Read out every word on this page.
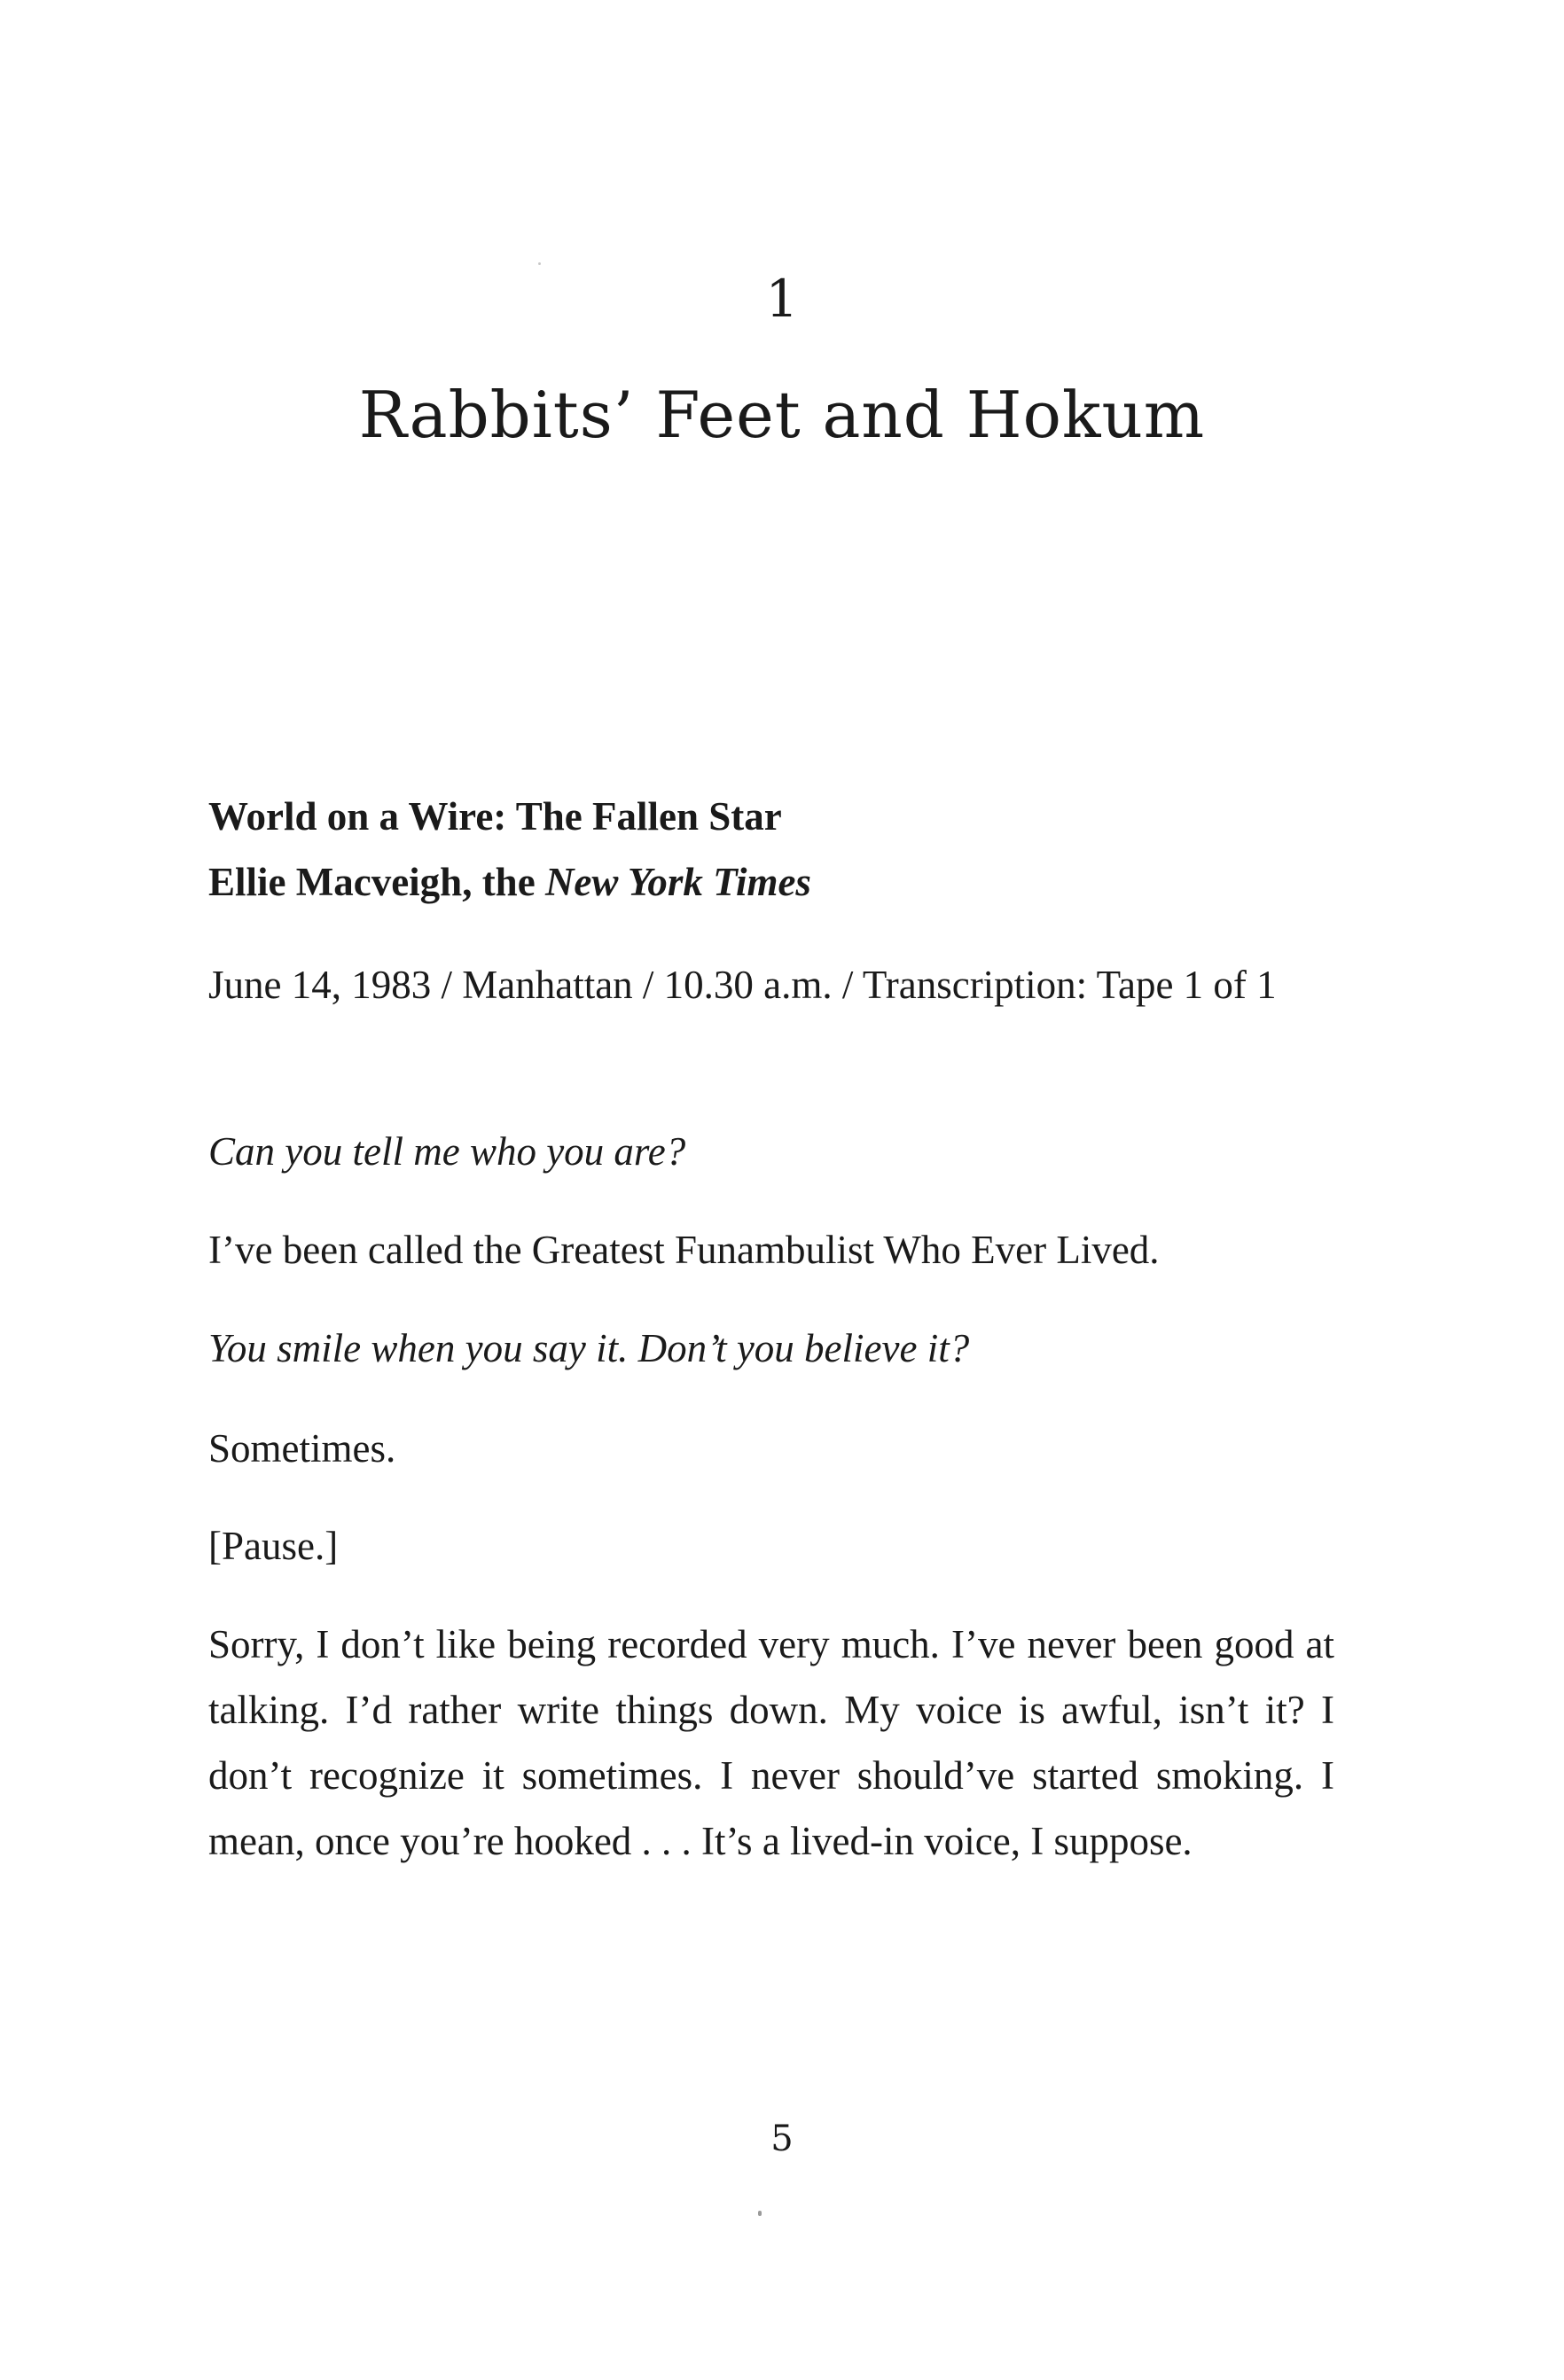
1
Rabbits’ Feet and Hokum
World on a Wire: The Fallen Star
Ellie Macveigh, the New York Times
June 14, 1983 / Manhattan / 10.30 a.m. / Transcription: Tape 1 of 1
Can you tell me who you are?
I’ve been called the Greatest Funambulist Who Ever Lived.
You smile when you say it. Don’t you believe it?
Sometimes.
[Pause.]
Sorry, I don’t like being recorded very much. I’ve never been good at talking. I’d rather write things down. My voice is awful, isn’t it? I don’t recognize it sometimes. I never should’ve started smoking. I mean, once you’re hooked . . . It’s a lived-in voice, I suppose.
5
